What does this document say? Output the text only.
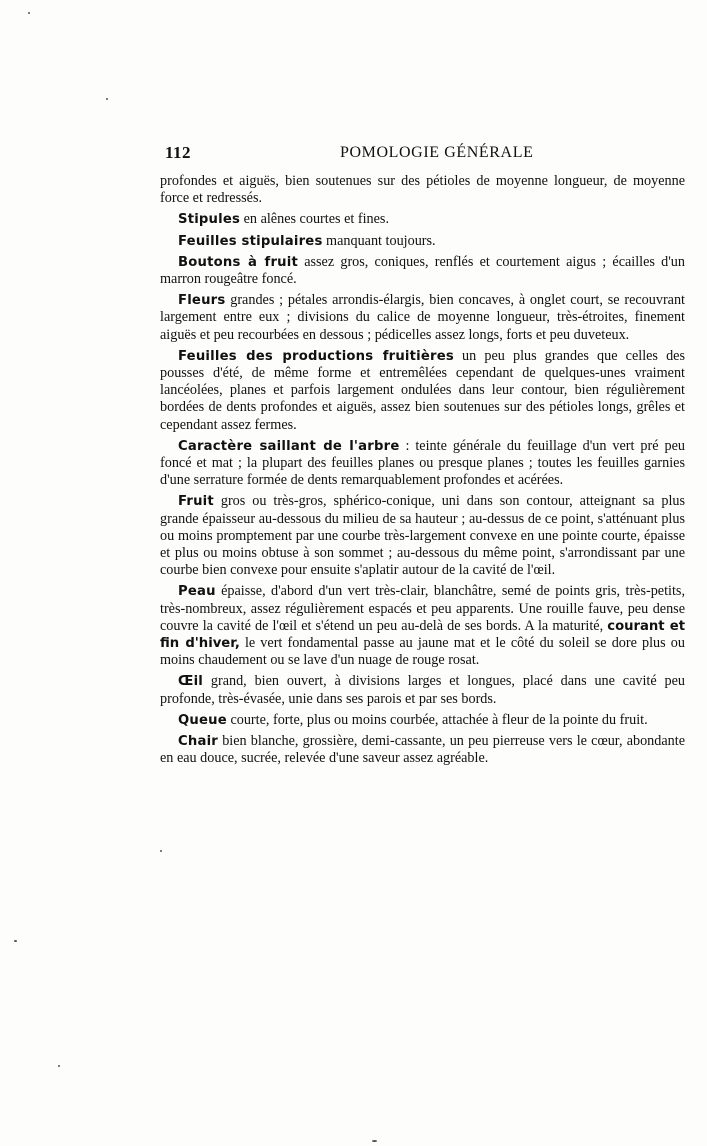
112	POMOLOGIE GÉNÉRALE

profondes et aiguës, bien soutenues sur des pétioles de moyenne longueur, de moyenne force et redressés.

Stipules en alênes courtes et fines.

Feuilles stipulaires manquant toujours.

Boutons à fruit assez gros, coniques, renflés et courtement aigus ; écailles d'un marron rougeâtre foncé.

Fleurs grandes ; pétales arrondis-élargis, bien concaves, à onglet court, se recouvrant largement entre eux ; divisions du calice de moyenne longueur, très-étroites, finement aiguës et peu recourbées en dessous ; pédicelles assez longs, forts et peu duveteux.

Feuilles des productions fruitières un peu plus grandes que celles des pousses d'été, de même forme et entremêlées cependant de quelques-unes vraiment lancéolées, planes et parfois largement ondulées dans leur contour, bien régulièrement bordées de dents profondes et aiguës, assez bien soutenues sur des pétioles longs, grêles et cependant assez fermes.

Caractère saillant de l'arbre : teinte générale du feuillage d'un vert pré peu foncé et mat ; la plupart des feuilles planes ou presque planes ; toutes les feuilles garnies d'une serrature formée de dents remarquablement profondes et acérées.

Fruit gros ou très-gros, sphérico-conique, uni dans son contour, atteignant sa plus grande épaisseur au-dessous du milieu de sa hauteur ; au-dessus de ce point, s'atténuant plus ou moins promptement par une courbe très-largement convexe en une pointe courte, épaisse et plus ou moins obtuse à son sommet ; au-dessous du même point, s'arrondissant par une courbe bien convexe pour ensuite s'aplatir autour de la cavité de l'œil.

Peau épaisse, d'abord d'un vert très-clair, blanchâtre, semé de points gris, très-petits, très-nombreux, assez régulièrement espacés et peu apparents. Une rouille fauve, peu dense couvre la cavité de l'œil et s'étend un peu au-delà de ses bords. A la maturité, courant et fin d'hiver, le vert fondamental passe au jaune mat et le côté du soleil se dore plus ou moins chaudement ou se lave d'un nuage de rouge rosat.

Œil grand, bien ouvert, à divisions larges et longues, placé dans une cavité peu profonde, très-évasée, unie dans ses parois et par ses bords.

Queue courte, forte, plus ou moins courbée, attachée à fleur de la pointe du fruit.

Chair bien blanche, grossière, demi-cassante, un peu pierreuse vers le cœur, abondante en eau douce, sucrée, relevée d'une saveur assez agréable.
